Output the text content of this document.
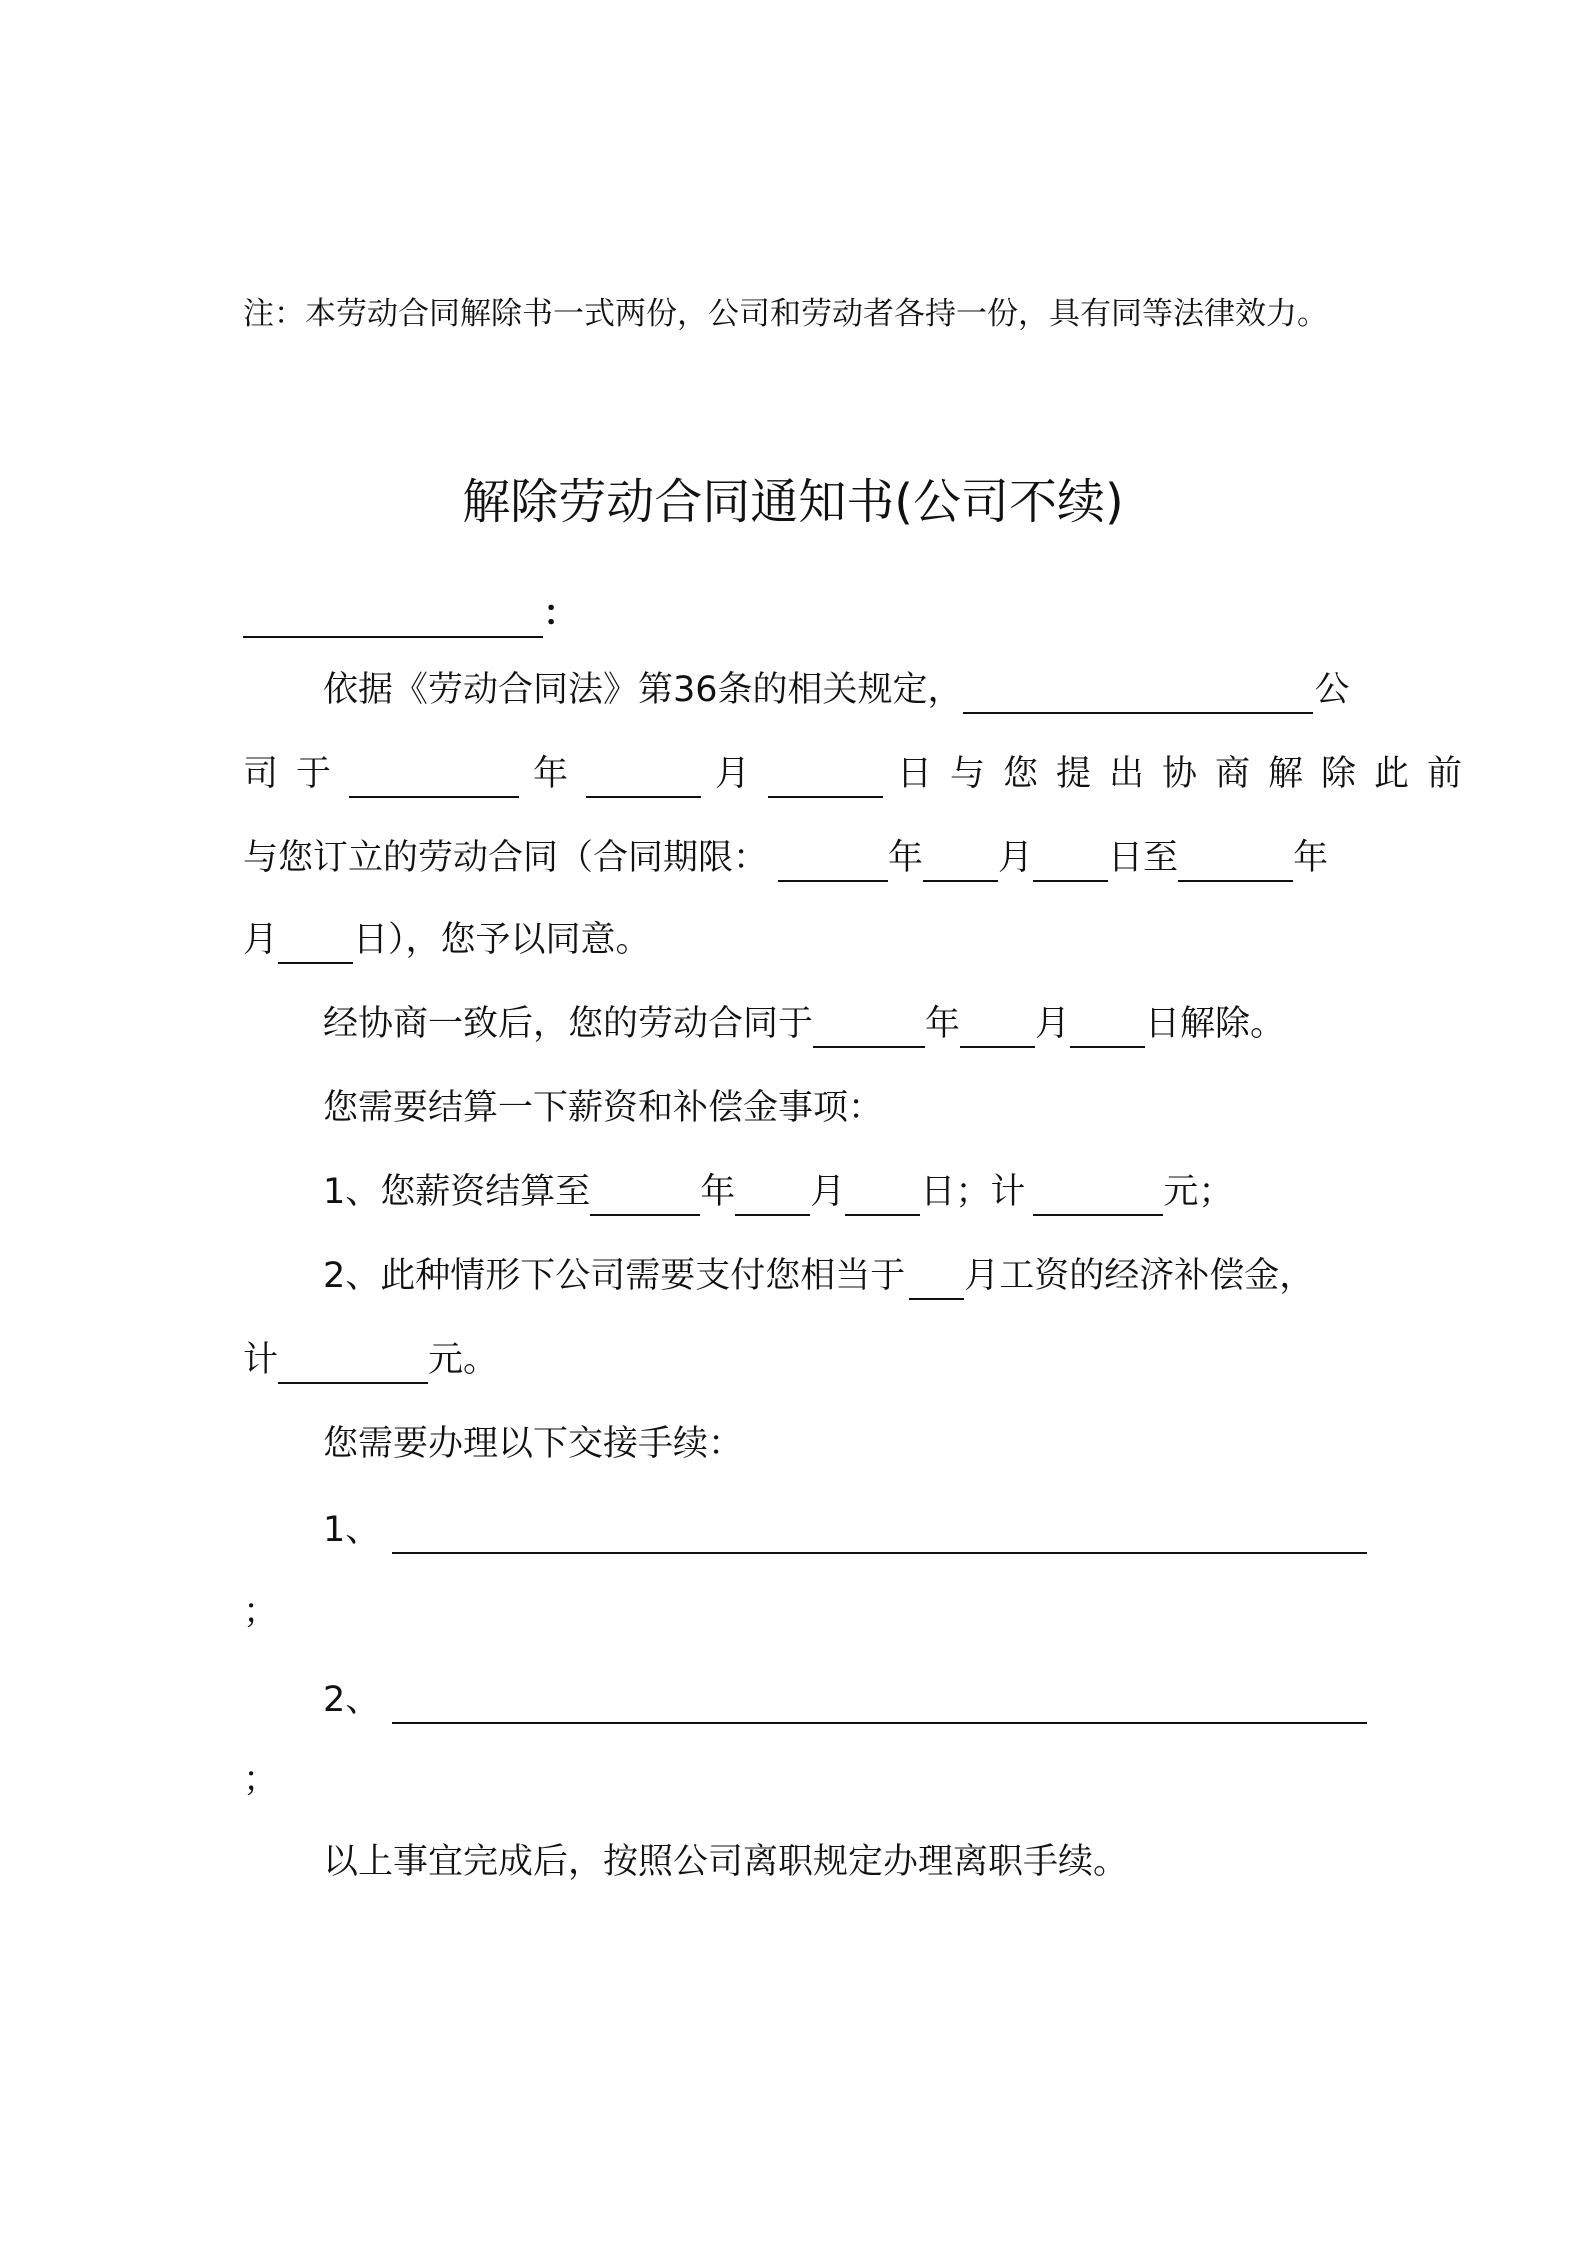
注：本劳动合同解除书一式两份，公司和劳动者各持一份，具有同等法律效力。
解除劳动合同通知书(公司不续)
：
依据《劳动合同法》第36条的相关规定，	公
司于	年	月	日与您提出协商解除此前
与您订立的劳动合同（合同期限：	年 月 日至	年
月 日），您予以同意。
经协商一致后，您的劳动合同于	年 月 日解除。
您需要结算一下薪资和补偿金事项：
1、您薪资结算至	年 月 日；计	元；
2、此种情形下公司需要支付您相当于 月工资的经济补偿金，
计	元。
您需要办理以下交接手续：
1、
；
2、
；
以上事宜完成后，按照公司离职规定办理离职手续。
